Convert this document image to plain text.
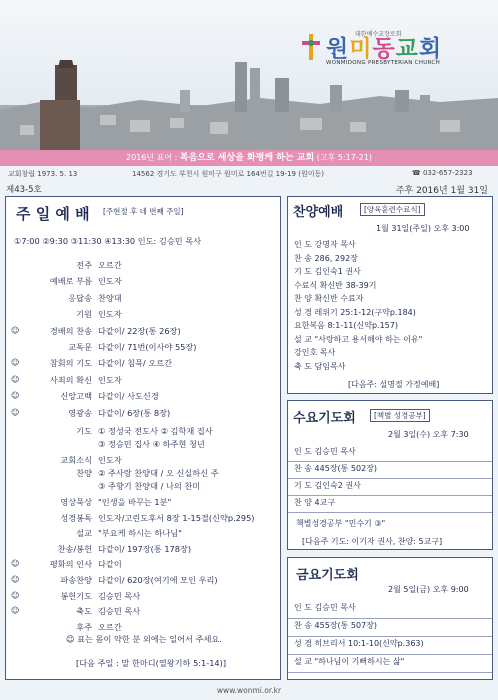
대한예수교장로회
원미동교회
WONMIDONG PRESBYTERIAN CHURCH
2016년 표어 : 복음으로 세상을 화평케 하는 교회 (고후 5:17-21)
교회창립 1973. 5. 13	14562 경기도 부천시 원미구 원미로 164번길 19-19 (원미동)	☎ 032-657-2323
제43-5호	주후 2016년 1월 31일
주 일 예 배	[주현절 후 네 번째 주일]
①7:00 ②9:30 ③11:30 ④13:30 인도: 김승민 목사
전주 오르간
예배로 부름 인도자
응답송 찬양대
기원 인도자
☺	경배의 찬송 다같이/ 22장(통 26장)
교독문 다같이/ 71번(이사야 55장)
☺	참회의 기도 다같이/ 침묵/ 오르간
☺	사죄의 확신 인도자
☺	신앙고백 다같이/ 사도신경
☺	영광송 다같이/ 6장(통 8장)
기도 ① 정성국 전도사 ② 김학재 집사
③ 정승민 집사 ④ 하주현 청년
교회소식 인도자
찬양 ② 주사랑 찬양대 / 오 신실하신 주
③ 주향기 찬양대 / 나의 찬미
영상묵상 "인생을 바꾸는 1분"
성경봉독 인도자/고린도후서 8장 1-15절(신약p.295)
설교 "부요케 하시는 하나님"
찬송/봉헌 다같이/ 197장(통 178장)
☺	평화의 인사 다같이
☺	파송찬양 다같이/ 620장(여기에 모인 우리)
☺	봉헌기도 김승민 목사
☺	축도 김승민 목사
후주 오르간
☺ 표는 몸이 약한 분 외에는 일어서 주세요.
[다음 주일 : 말 한마디(열왕기하 5:1-14)]
찬양예배	[양육훈련수료식]
1월 31일(주일) 오후 3:00
인 도 강명자 목사
찬 송 286, 292장
기 도 김인숙1 권사
수료식 확신반 38-39기
찬 양 확신반 수료자
성 경 레위기 25:1-12(구약p.184)
요한복음 8:1-11(신약p.157)
설 교 "사랑하고 용서해야 하는 이유"
강인호 목사
축 도 담임목사
[다음주: 설명절 가정예배]
수요기도회	[책별 성경공부]
2월 3일(수) 오후 7:30
인 도 김승민 목사
찬 송 445장(통 502장)
기 도 김인숙2 권사
찬 양 4교구
책별성경공부 "민수기 ③"
[다음주 기도: 이기자 권사, 찬양: 5교구]
금요기도회
2월 5일(금) 오후 9:00
인 도 김승민 목사
찬 송 455장(통 507장)
성 경 히브리서 10:1-10(신약p.363)
설 교 "하나님이 기뻐하시는 삶"
www.wonmi.or.kr
